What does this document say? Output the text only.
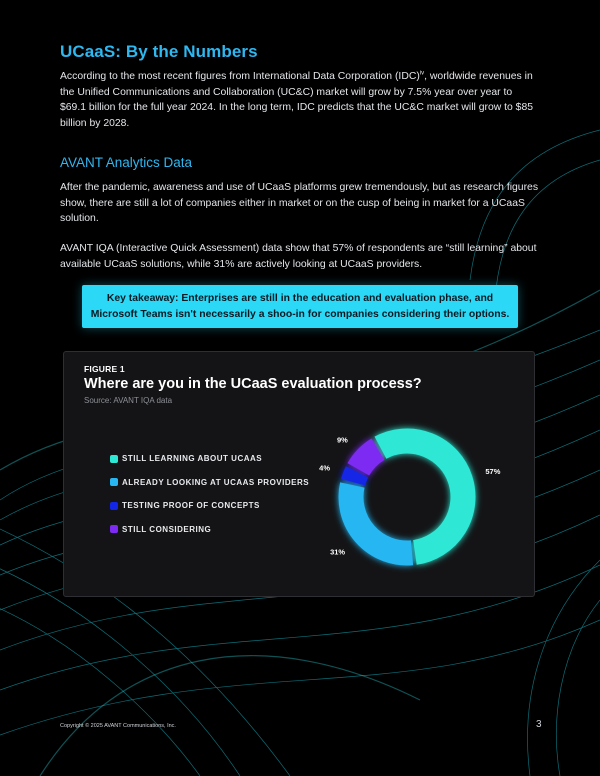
UCaaS: By the Numbers

According to the most recent figures from International Data Corporation (IDC)$^{iv}$, worldwide revenues in the Unified Communications and Collaboration (UC&C) market will grow by 7.5% year over year to $69.1 billion for the full year 2024. In the long term, IDC predicts that the UC&C market will grow to $85 billion by 2028.

AVANT Analytics Data

After the pandemic, awareness and use of UCaaS platforms grew tremendously, but as research figures show, there are still a lot of companies either in market or on the cusp of being in market for a UCaaS solution.

AVANT IQA (Interactive Quick Assessment) data show that 57% of respondents are “still learning” about available UCaaS solutions, while 31% are actively looking at UCaaS providers.

Key takeaway: Enterprises are still in the education and evaluation phase, and
Microsoft Teams isn't necessarily a shoo-in for companies considering their options.
FIGURE 1
Where are you in the UCaaS evaluation process?
Source: AVANT IQA data
STILL LEARNING ABOUT UCAAS
ALREADY LOOKING AT UCAAS PROVIDERS
TESTING PROOF OF CONCEPTS
STILL CONSIDERING
57%
31%
4%
9%
Copyright © 2025 AVANT Communications, Inc.	3
